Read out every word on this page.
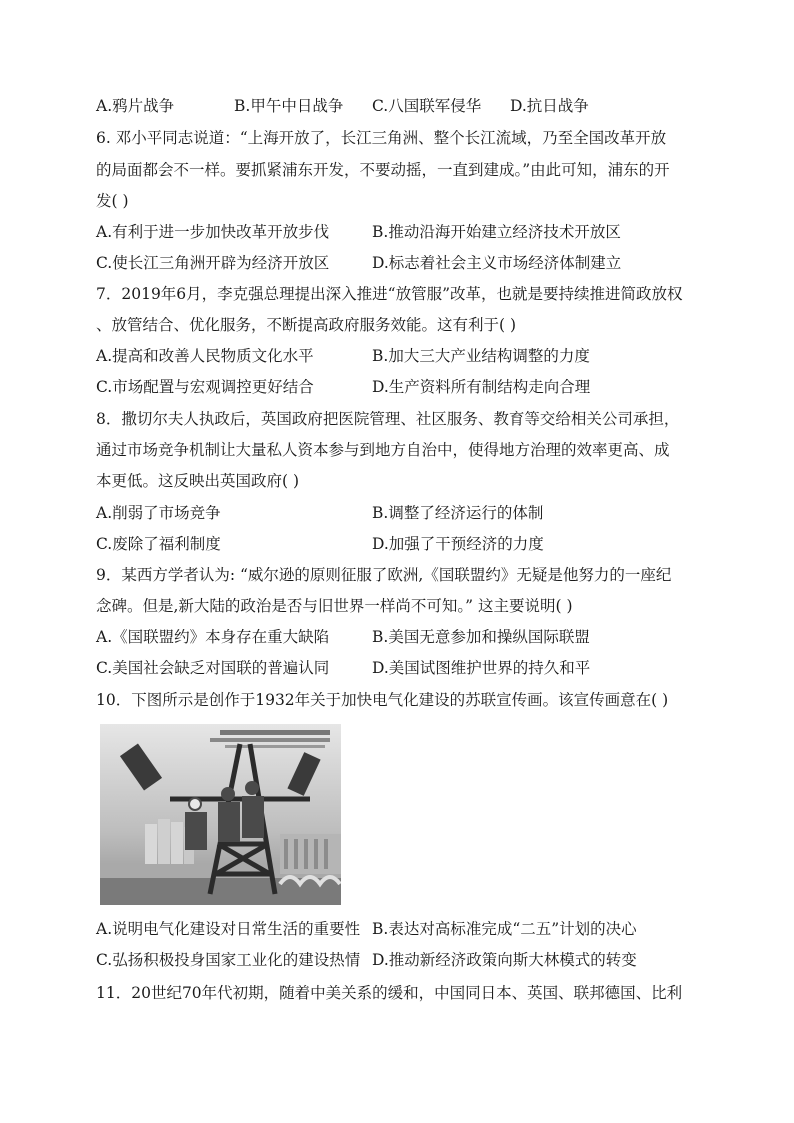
A.鸦片战争	B.甲午中日战争 C.八国联军侵华 D.抗日战争
6. 邓小平同志说道：“上海开放了，长江三角洲、整个长江流域，乃至全国改革开放
的局面都会不一样。要抓紧浦东开发，不要动摇，一直到建成。”由此可知，浦东的开
发( )
A.有利于进一步加快改革开放步伐	B.推动沿海开始建立经济技术开放区
C.使长江三角洲开辟为经济开放区	D.标志着社会主义市场经济体制建立
7．2019年6月，李克强总理提出深入推进“放管服”改革，也就是要持续推进简政放权
、放管结合、优化服务，不断提高政府服务效能。这有利于( )
A.提高和改善人民物质文化水平	B.加大三大产业结构调整的力度
C.市场配置与宏观调控更好结合	D.生产资料所有制结构走向合理
8．撒切尔夫人执政后，英国政府把医院管理、社区服务、教育等交给相关公司承担，
通过市场竞争机制让大量私人资本参与到地方自治中，使得地方治理的效率更高、成
本更低。这反映出英国政府( )
A.削弱了市场竞争	B.调整了经济运行的体制
C.废除了福利制度	D.加强了干预经济的力度
9．某西方学者认为: “威尔逊的原则征服了欧洲,《国联盟约》无疑是他努力的一座纪
念碑。但是,新大陆的政治是否与旧世界一样尚不可知。” 这主要说明( )
A.《国联盟约》本身存在重大缺陷	B.美国无意参加和操纵国际联盟
C.美国社会缺乏对国联的普遍认同	D.美国试图维护世界的持久和平
10．下图所示是创作于1932年关于加快电气化建设的苏联宣传画。该宣传画意在( )
A.说明电气化建设对日常生活的重要性 B.表达对高标准完成“二五”计划的决心
C.弘扬积极投身国家工业化的建设热情 D.推动新经济政策向斯大林模式的转变
11．20世纪70年代初期，随着中美关系的缓和，中国同日本、英国、联邦德国、比利
